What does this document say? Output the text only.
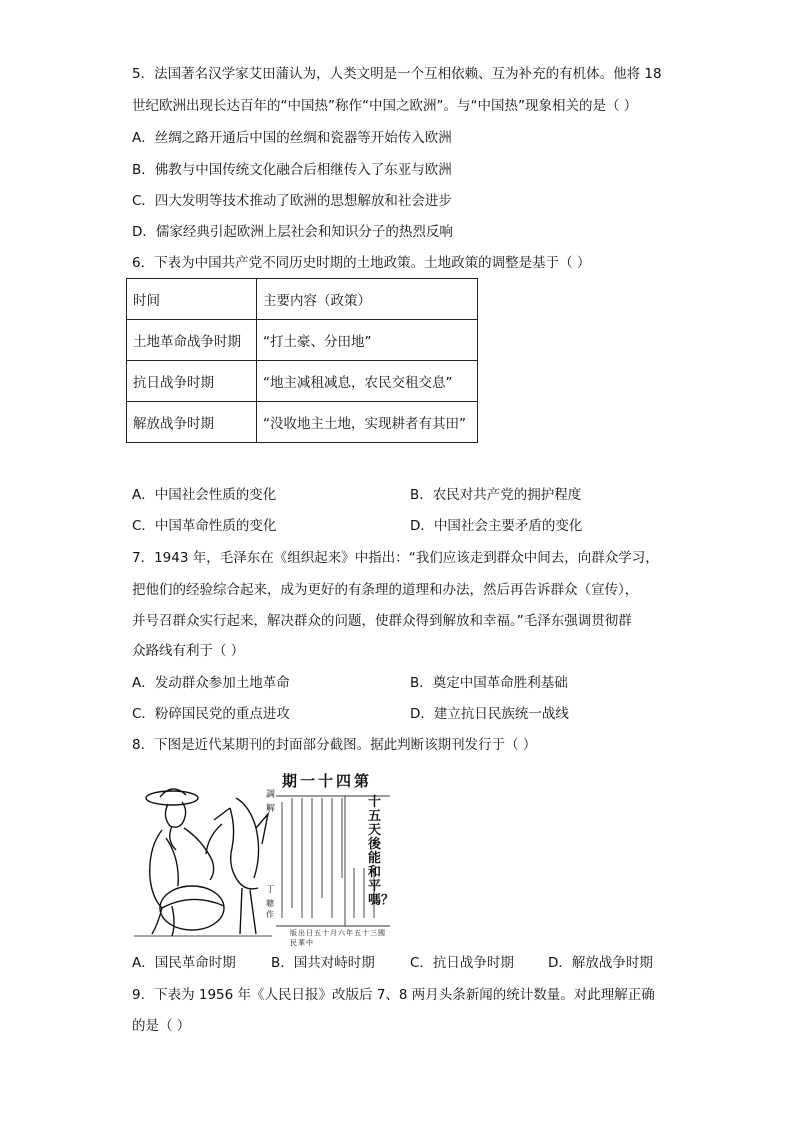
5．法国著名汉学家艾田蒲认为，人类文明是一个互相依赖、互为补充的有机体。他将 18
世纪欧洲出现长达百年的“中国热”称作“中国之欧洲”。与“中国热”现象相关的是（ ）
A．丝绸之路开通后中国的丝绸和瓷器等开始传入欧洲
B．佛教与中国传统文化融合后相继传入了东亚与欧洲
C．四大发明等技术推动了欧洲的思想解放和社会进步
D．儒家经典引起欧洲上层社会和知识分子的热烈反响
6．下表为中国共产党不同历史时期的土地政策。土地政策的调整是基于（ ）
时间	主要内容（政策）
土地革命战争时期	“打土豪、分田地”
抗日战争时期	“地主减租减息，农民交租交息”
解放战争时期	“没收地主土地，实现耕者有其田”
A．中国社会性质的变化	B．农民对共产党的拥护程度
C．中国革命性质的变化	D．中国社会主要矛盾的变化
7．1943 年，毛泽东在《组织起来》中指出：“我们应该走到群众中间去，向群众学习，
把他们的经验综合起来，成为更好的有条理的道理和办法，然后再告诉群众（宣传），
并号召群众实行起来，解决群众的问题，使群众得到解放和幸福。”毛泽东强调贯彻群
众路线有利于（ ）
A．发动群众参加土地革命	B．奠定中国革命胜利基础
C．粉碎国民党的重点进攻	D．建立抗日民族统一战线
8．下图是近代某期刊的封面部分截图。据此判断该期刊发行于（ ）
期一十四第
十五天後能和平嗎？
調解
丁
聰作
版出日五十月六年五十三國民華中
A．国民革命时期	B．国共对峙时期	C．抗日战争时期	D．解放战争时期
9．下表为 1956 年《人民日报》改版后 7、8 两月头条新闻的统计数量。对此理解正确
的是（ ）
